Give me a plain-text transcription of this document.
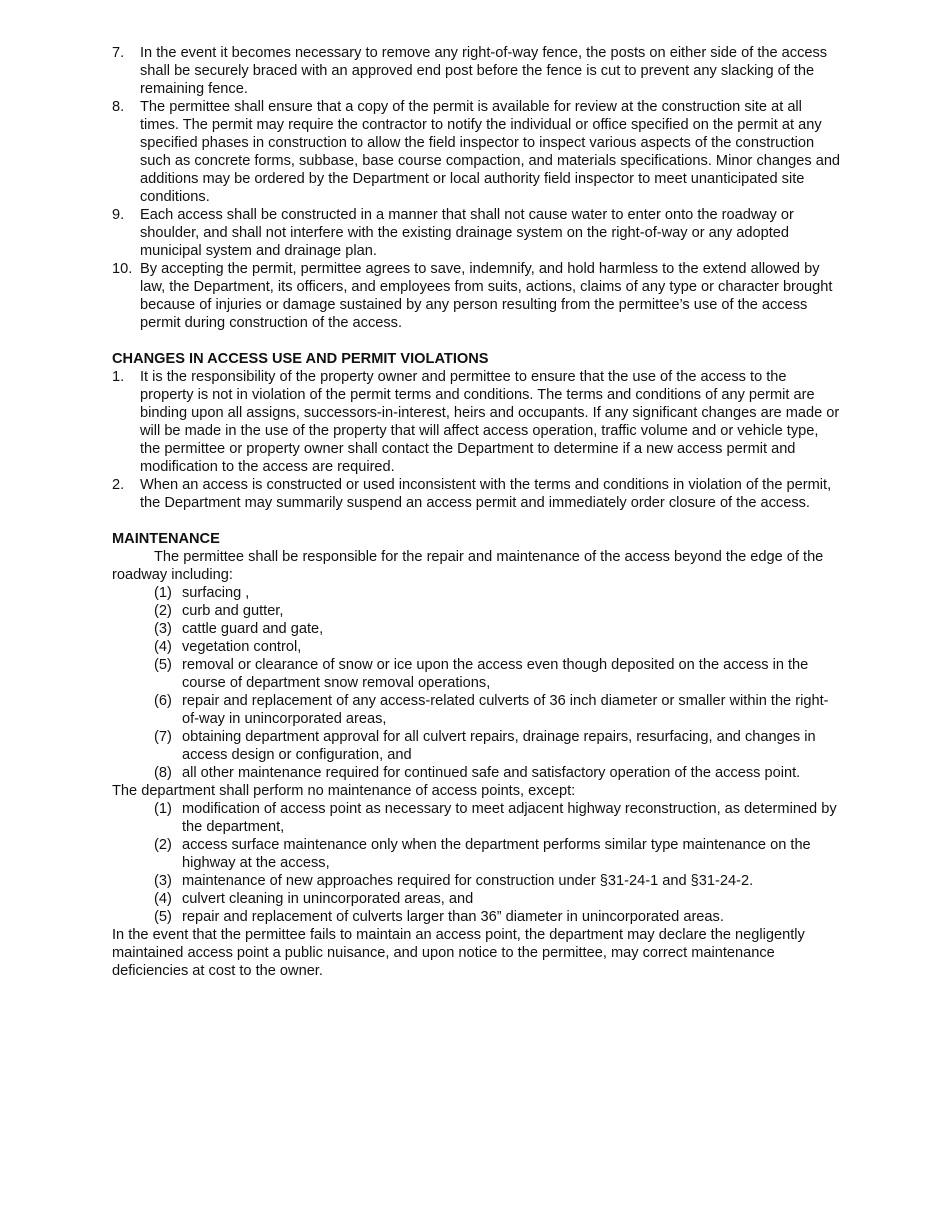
7. In the event it becomes necessary to remove any right-of-way fence, the posts on either side of the access shall be securely braced with an approved end post before the fence is cut to prevent any slacking of the remaining fence.
8. The permittee shall ensure that a copy of the permit is available for review at the construction site at all times. The permit may require the contractor to notify the individual or office specified on the permit at any specified phases in construction to allow the field inspector to inspect various aspects of the construction such as concrete forms, subbase, base course compaction, and materials specifications. Minor changes and additions may be ordered by the Department or local authority field inspector to meet unanticipated site conditions.
9. Each access shall be constructed in a manner that shall not cause water to enter onto the roadway or shoulder, and shall not interfere with the existing drainage system on the right-of-way or any adopted municipal system and drainage plan.
10. By accepting the permit, permittee agrees to save, indemnify, and hold harmless to the extend allowed by law, the Department, its officers, and employees from suits, actions, claims of any type or character brought because of injuries or damage sustained by any person resulting from the permittee’s use of the access permit during construction of the access.
CHANGES IN ACCESS USE AND PERMIT VIOLATIONS
1. It is the responsibility of the property owner and permittee to ensure that the use of the access to the property is not in violation of the permit terms and conditions. The terms and conditions of any permit are binding upon all assigns, successors-in-interest, heirs and occupants. If any significant changes are made or will be made in the use of the property that will affect access operation, traffic volume and or vehicle type, the permittee or property owner shall contact the Department to determine if a new access permit and modification to the access are required.
2. When an access is constructed or used inconsistent with the terms and conditions in violation of the permit, the Department may summarily suspend an access permit and immediately order closure of the access.
MAINTENANCE

The permittee shall be responsible for the repair and maintenance of the access beyond the edge of the roadway including:

(1) surfacing ,
(2) curb and gutter,
(3) cattle guard and gate,
(4) vegetation control,
(5) removal or clearance of snow or ice upon the access even though deposited on the access in the course of department snow removal operations,
(6) repair and replacement of any access-related culverts of 36 inch diameter or smaller within the right-of-way in unincorporated areas,
(7) obtaining department approval for all culvert repairs, drainage repairs, resurfacing, and changes in access design or configuration, and
(8) all other maintenance required for continued safe and satisfactory operation of the access point.

The department shall perform no maintenance of access points, except:

(1) modification of access point as necessary to meet adjacent highway reconstruction, as determined by the department,
(2) access surface maintenance only when the department performs similar type maintenance on the highway at the access,
(3) maintenance of new approaches required for construction under §31-24-1 and §31-24-2.
(4) culvert cleaning in unincorporated areas, and
(5) repair and replacement of culverts larger than 36” diameter in unincorporated areas.

In the event that the permittee fails to maintain an access point, the department may declare the negligently maintained access point a public nuisance, and upon notice to the permittee, may correct maintenance deficiencies at cost to the owner.
